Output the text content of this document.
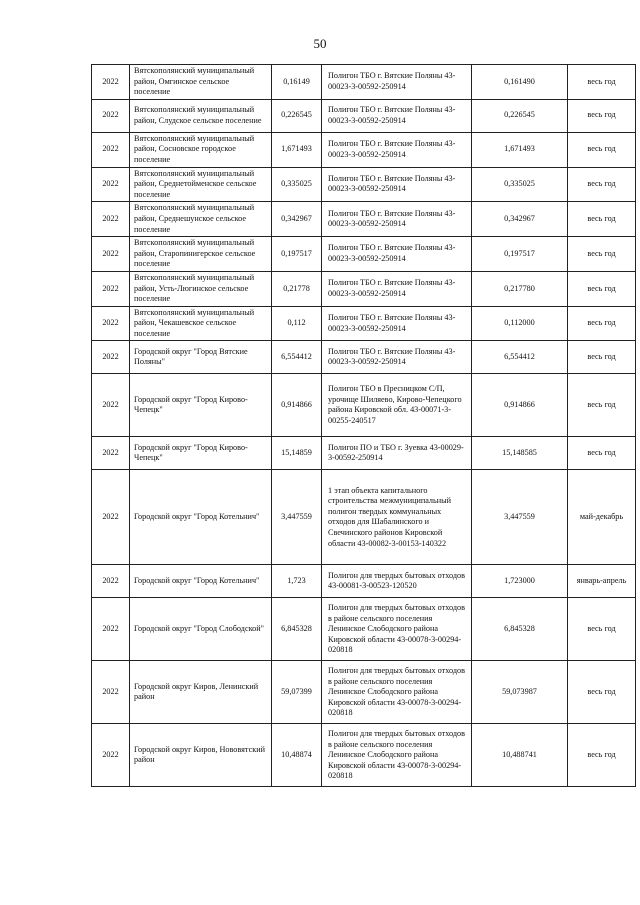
50
2022	Вятскополянский муниципальный район, Омгинское сельское поселение	0,16149	Полигон ТБО г. Вятские Поляны 43-00023-3-00592-250914	0,161490	весь год
2022	Вятскополянский муниципальный район, Слудское сельское поселение	0,226545	Полигон ТБО г. Вятские Поляны 43-00023-3-00592-250914	0,226545	весь год
2022	Вятскополянский муниципальный район, Сосновское городское поселение	1,671493	Полигон ТБО г. Вятские Поляны 43-00023-3-00592-250914	1,671493	весь год
2022	Вятскополянский муниципальный район, Среднетойменское сельское поселение	0,335025	Полигон ТБО г. Вятские Поляны 43-00023-3-00592-250914	0,335025	весь год
2022	Вятскополянский муниципальный район, Среднешунское сельское поселение	0,342967	Полигон ТБО г. Вятские Поляны 43-00023-3-00592-250914	0,342967	весь год
2022	Вятскополянский муниципальный район, Старопинигерское сельское поселение	0,197517	Полигон ТБО г. Вятские Поляны 43-00023-3-00592-250914	0,197517	весь год
2022	Вятскополянский муниципальный район, Усть-Люгинское сельское поселение	0,21778	Полигон ТБО г. Вятские Поляны 43-00023-3-00592-250914	0,217780	весь год
2022	Вятскополянский муниципальный район, Чекашевское сельское поселение	0,112	Полигон ТБО г. Вятские Поляны 43-00023-3-00592-250914	0,112000	весь год
2022	Городской округ "Город Вятские Поляны"	6,554412	Полигон ТБО г. Вятские Поляны 43-00023-3-00592-250914	6,554412	весь год
2022	Городской округ "Город Кирово-Чепецк"	0,914866	Полигон ТБО в Пресницком С/П, урочище Шиляево, Кирово-Чепецкого района Кировской обл. 43-00071-3-00255-240517	0,914866	весь год
2022	Городской округ "Город Кирово-Чепецк"	15,14859	Полигон ПО и ТБО г. Зуевка 43-00029-3-00592-250914	15,148585	весь год
2022	Городской округ "Город Котельнич"	3,447559	1 этап объекта капитального строительства межмуниципальный полигон твердых коммунальных отходов для Шабалинского и Свечинского районов Кировской области 43-00082-3-00153-140322	3,447559	май-декабрь
2022	Городской округ "Город Котельнич"	1,723	Полигон для твердых бытовых отходов 43-00081-3-00523-120520	1,723000	январь-апрель
2022	Городской округ "Город Слободской"	6,845328	Полигон для твердых бытовых отходов в районе сельского поселения Ленинское Слободского района Кировской области 43-00078-3-00294-020818	6,845328	весь год
2022	Городской округ Киров, Ленинский район	59,07399	Полигон для твердых бытовых отходов в районе сельского поселения Ленинское Слободского района Кировской области 43-00078-3-00294-020818	59,073987	весь год
2022	Городской округ Киров, Нововятский район	10,48874	Полигон для твердых бытовых отходов в районе сельского поселения Ленинское Слободского района Кировской области 43-00078-3-00294-020818	10,488741	весь год
